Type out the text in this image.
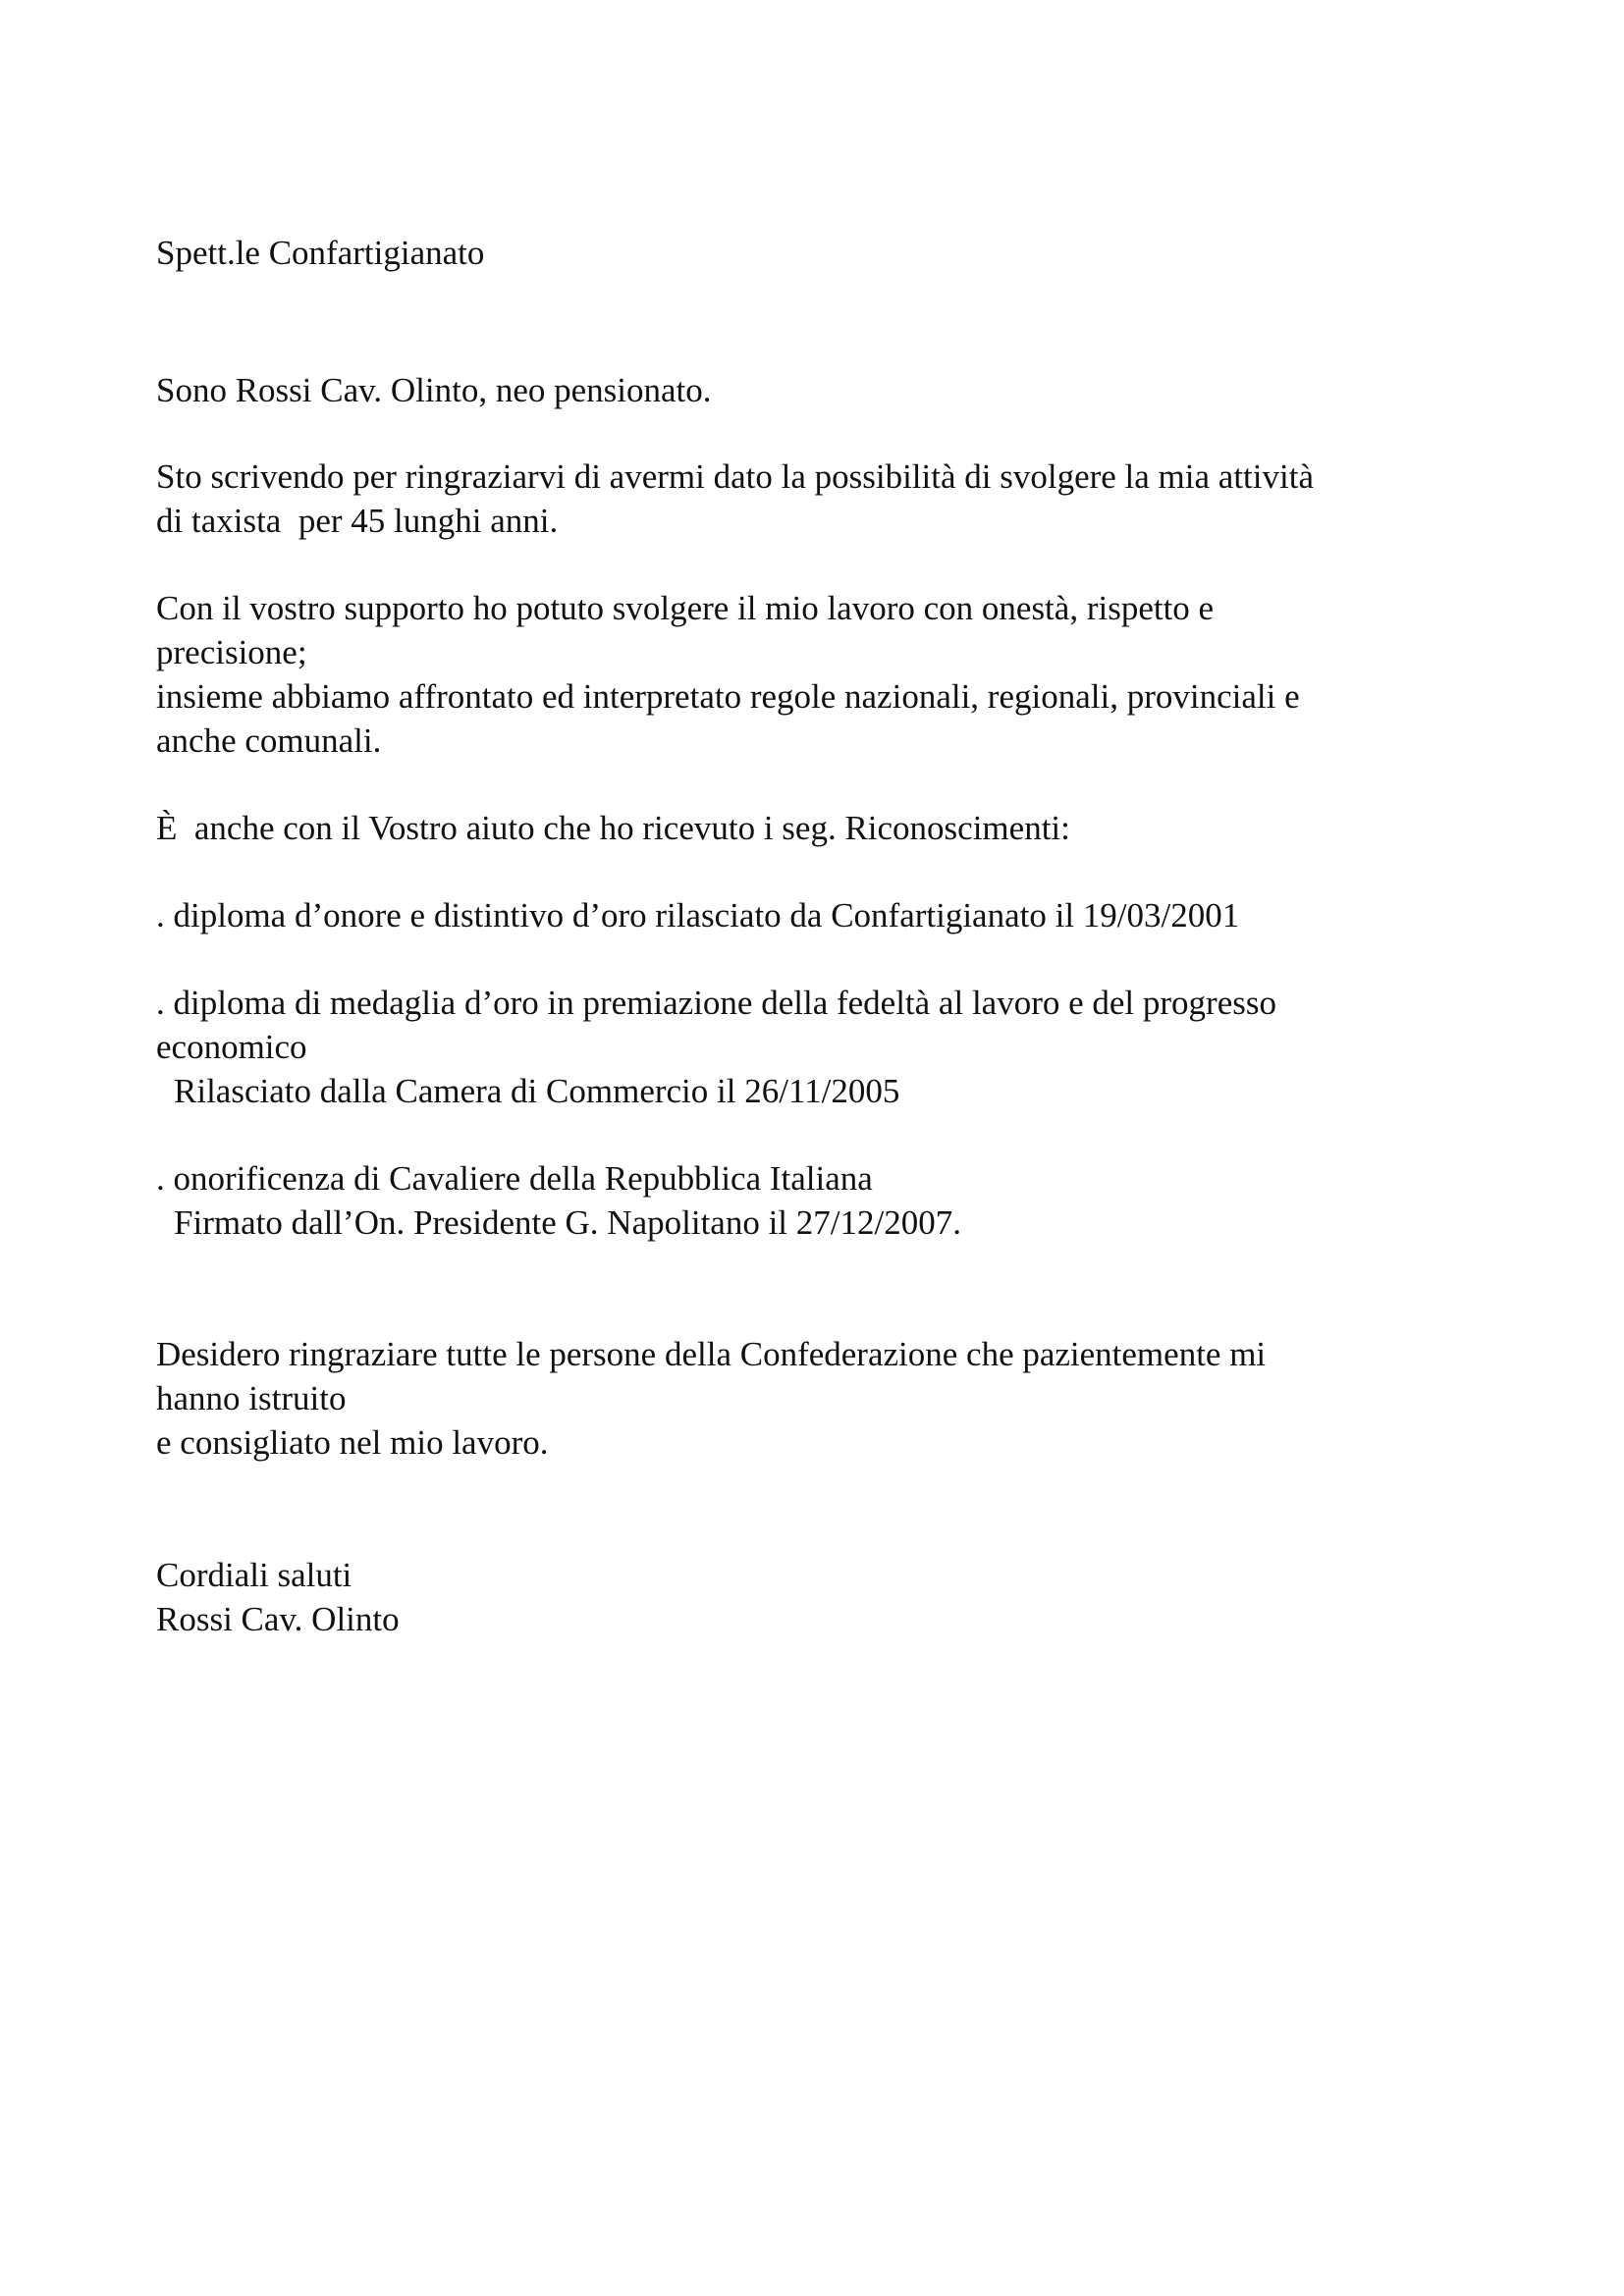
Spett.le Confartigianato

Sono Rossi Cav. Olinto, neo pensionato.

Sto scrivendo per ringraziarvi di avermi dato la possibilità di svolgere la mia attività

di taxista  per 45 lunghi anni.

Con il vostro supporto ho potuto svolgere il mio lavoro con onestà, rispetto e

precisione;

insieme abbiamo affrontato ed interpretato regole nazionali, regionali, provinciali e

anche comunali.

È  anche con il Vostro aiuto che ho ricevuto i seg. Riconoscimenti:

. diploma d’onore e distintivo d’oro rilasciato da Confartigianato il 19/03/2001

. diploma di medaglia d’oro in premiazione della fedeltà al lavoro e del progresso

economico

Rilasciato dalla Camera di Commercio il 26/11/2005

. onorificenza di Cavaliere della Repubblica Italiana

Firmato dall’On. Presidente G. Napolitano il 27/12/2007.

Desidero ringraziare tutte le persone della Confederazione che pazientemente mi

hanno istruito

e consigliato nel mio lavoro.

Cordiali saluti

Rossi Cav. Olinto
